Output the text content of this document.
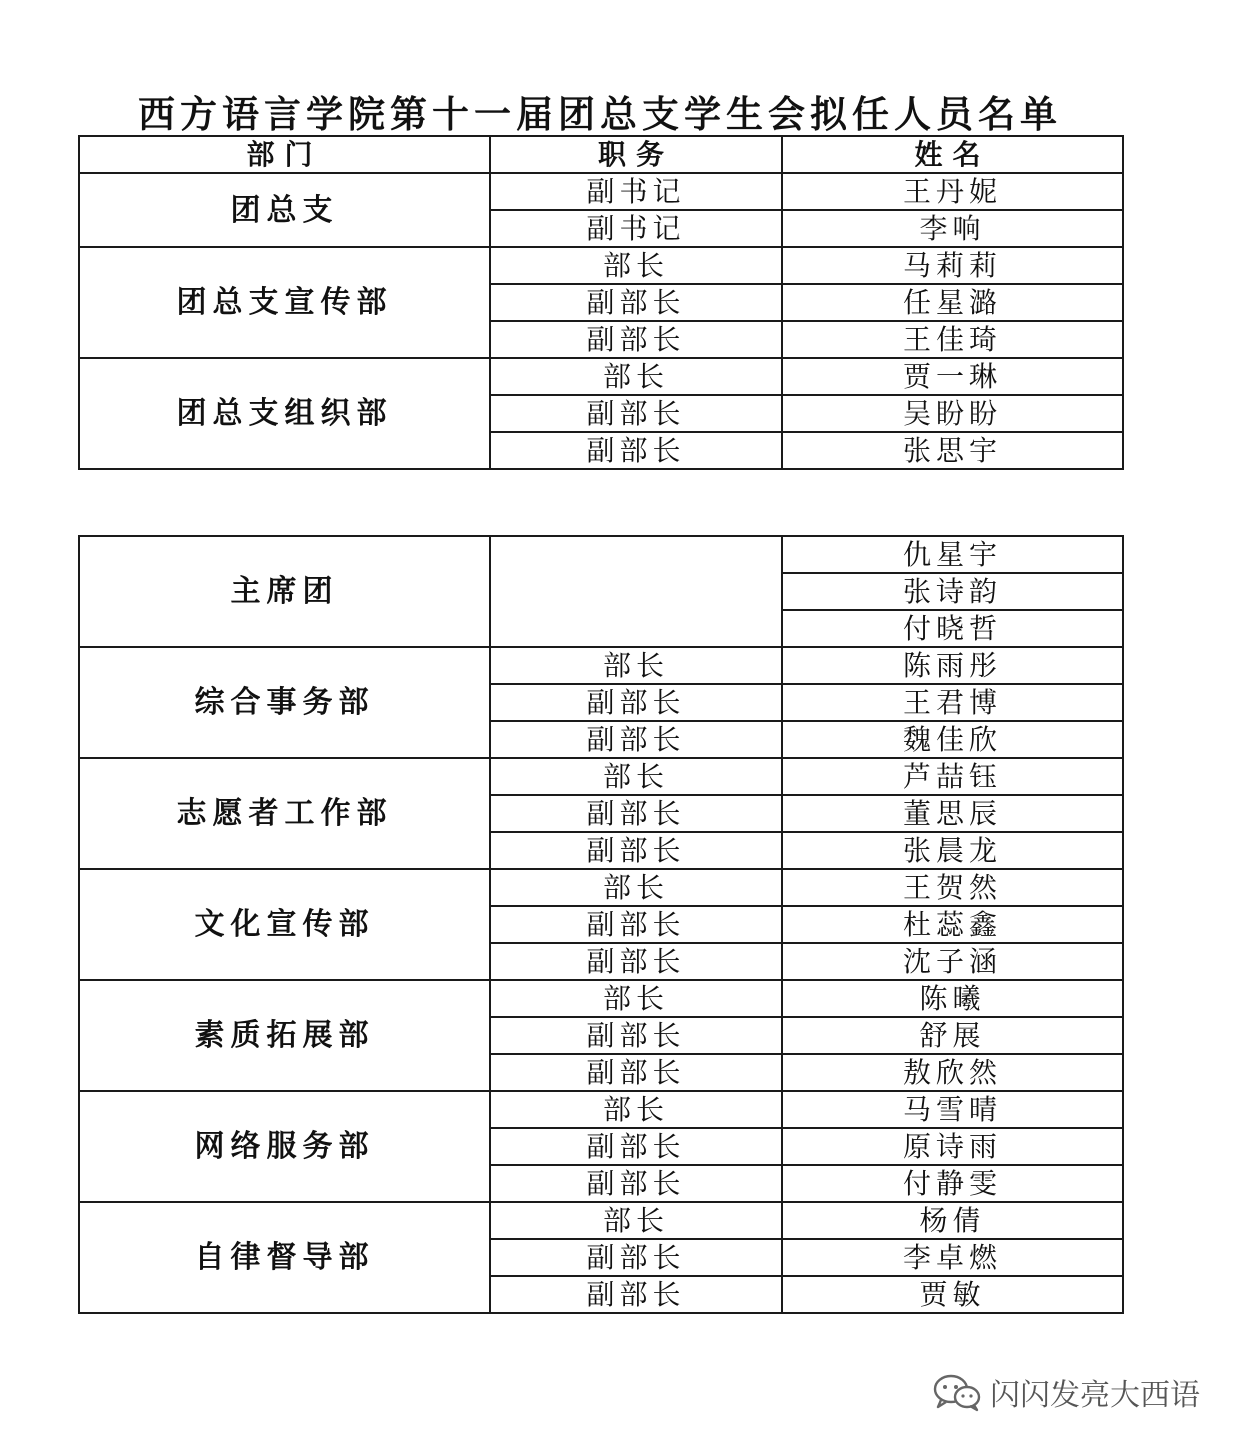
西方语言学院第十一届团总支学生会拟任人员名单
部门	职务	姓名
团总支	副书记	王丹妮
	副书记	李响
团总支宣传部	部长	马莉莉
	副部长	任星潞
	副部长	王佳琦
团总支组织部	部长	贾一琳
	副部长	吴盼盼
	副部长	张思宇
主席团		仇星宇
		张诗韵
		付晓哲
综合事务部	部长	陈雨彤
	副部长	王君博
	副部长	魏佳欣
志愿者工作部	部长	芦喆钰
	副部长	董思辰
	副部长	张晨龙
文化宣传部	部长	王贺然
	副部长	杜蕊鑫
	副部长	沈子涵
素质拓展部	部长	陈曦
	副部长	舒展
	副部长	敖欣然
网络服务部	部长	马雪晴
	副部长	原诗雨
	副部长	付静雯
自律督导部	部长	杨倩
	副部长	李卓燃
	副部长	贾敏
闪闪发亮大西语
